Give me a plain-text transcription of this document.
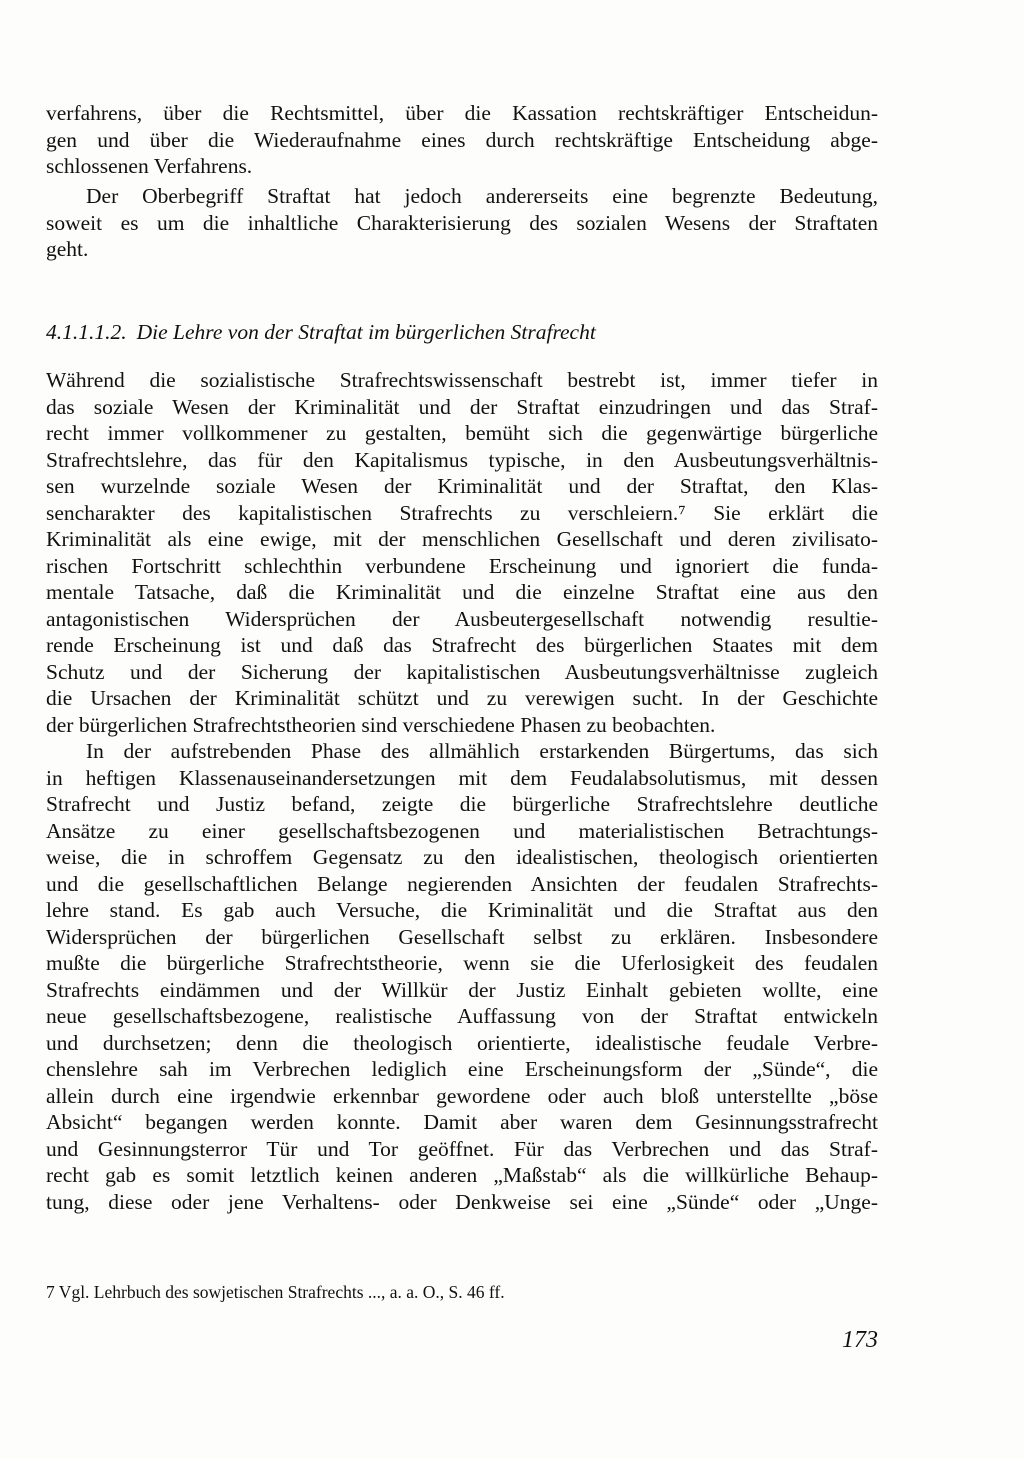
verfahrens, über die Rechtsmittel, über die Kassation rechtskräftiger Entscheidun-
gen und über die Wiederaufnahme eines durch rechtskräftige Entscheidung abge-
schlossenen Verfahrens.
Der Oberbegriff Straftat hat jedoch andererseits eine begrenzte Bedeutung,
soweit es um die inhaltliche Charakterisierung des sozialen Wesens der Straftaten
geht.
4.1.1.1.2. Die Lehre von der Straftat im bürgerlichen Strafrecht
Während die sozialistische Strafrechtswissenschaft bestrebt ist, immer tiefer in
das soziale Wesen der Kriminalität und der Straftat einzudringen und das Straf-
recht immer vollkommener zu gestalten, bemüht sich die gegenwärtige bürgerliche
Strafrechtslehre, das für den Kapitalismus typische, in den Ausbeutungsverhältnis-
sen wurzelnde soziale Wesen der Kriminalität und der Straftat, den Klas-
sencharakter des kapitalistischen Strafrechts zu verschleiern.⁷ Sie erklärt die
Kriminalität als eine ewige, mit der menschlichen Gesellschaft und deren zivilisato-
rischen Fortschritt schlechthin verbundene Erscheinung und ignoriert die funda-
mentale Tatsache, daß die Kriminalität und die einzelne Straftat eine aus den
antagonistischen Widersprüchen der Ausbeutergesellschaft notwendig resultie-
rende Erscheinung ist und daß das Strafrecht des bürgerlichen Staates mit dem
Schutz und der Sicherung der kapitalistischen Ausbeutungsverhältnisse zugleich
die Ursachen der Kriminalität schützt und zu verewigen sucht. In der Geschichte
der bürgerlichen Strafrechtstheorien sind verschiedene Phasen zu beobachten.
In der aufstrebenden Phase des allmählich erstarkenden Bürgertums, das sich
in heftigen Klassenauseinandersetzungen mit dem Feudalabsolutismus, mit dessen
Strafrecht und Justiz befand, zeigte die bürgerliche Strafrechtslehre deutliche
Ansätze zu einer gesellschaftsbezogenen und materialistischen Betrachtungs-
weise, die in schroffem Gegensatz zu den idealistischen, theologisch orientierten
und die gesellschaftlichen Belange negierenden Ansichten der feudalen Strafrechts-
lehre stand. Es gab auch Versuche, die Kriminalität und die Straftat aus den
Widersprüchen der bürgerlichen Gesellschaft selbst zu erklären. Insbesondere
mußte die bürgerliche Strafrechtstheorie, wenn sie die Uferlosigkeit des feudalen
Strafrechts eindämmen und der Willkür der Justiz Einhalt gebieten wollte, eine
neue gesellschaftsbezogene, realistische Auffassung von der Straftat entwickeln
und durchsetzen; denn die theologisch orientierte, idealistische feudale Verbre-
chenslehre sah im Verbrechen lediglich eine Erscheinungsform der „Sünde“, die
allein durch eine irgendwie erkennbar gewordene oder auch bloß unterstellte „böse
Absicht“ begangen werden konnte. Damit aber waren dem Gesinnungsstrafrecht
und Gesinnungsterror Tür und Tor geöffnet. Für das Verbrechen und das Straf-
recht gab es somit letztlich keinen anderen „Maßstab“ als die willkürliche Behaup-
tung, diese oder jene Verhaltens- oder Denkweise sei eine „Sünde“ oder „Unge-
7 Vgl. Lehrbuch des sowjetischen Strafrechts ..., a. a. O., S. 46 ff.
173
